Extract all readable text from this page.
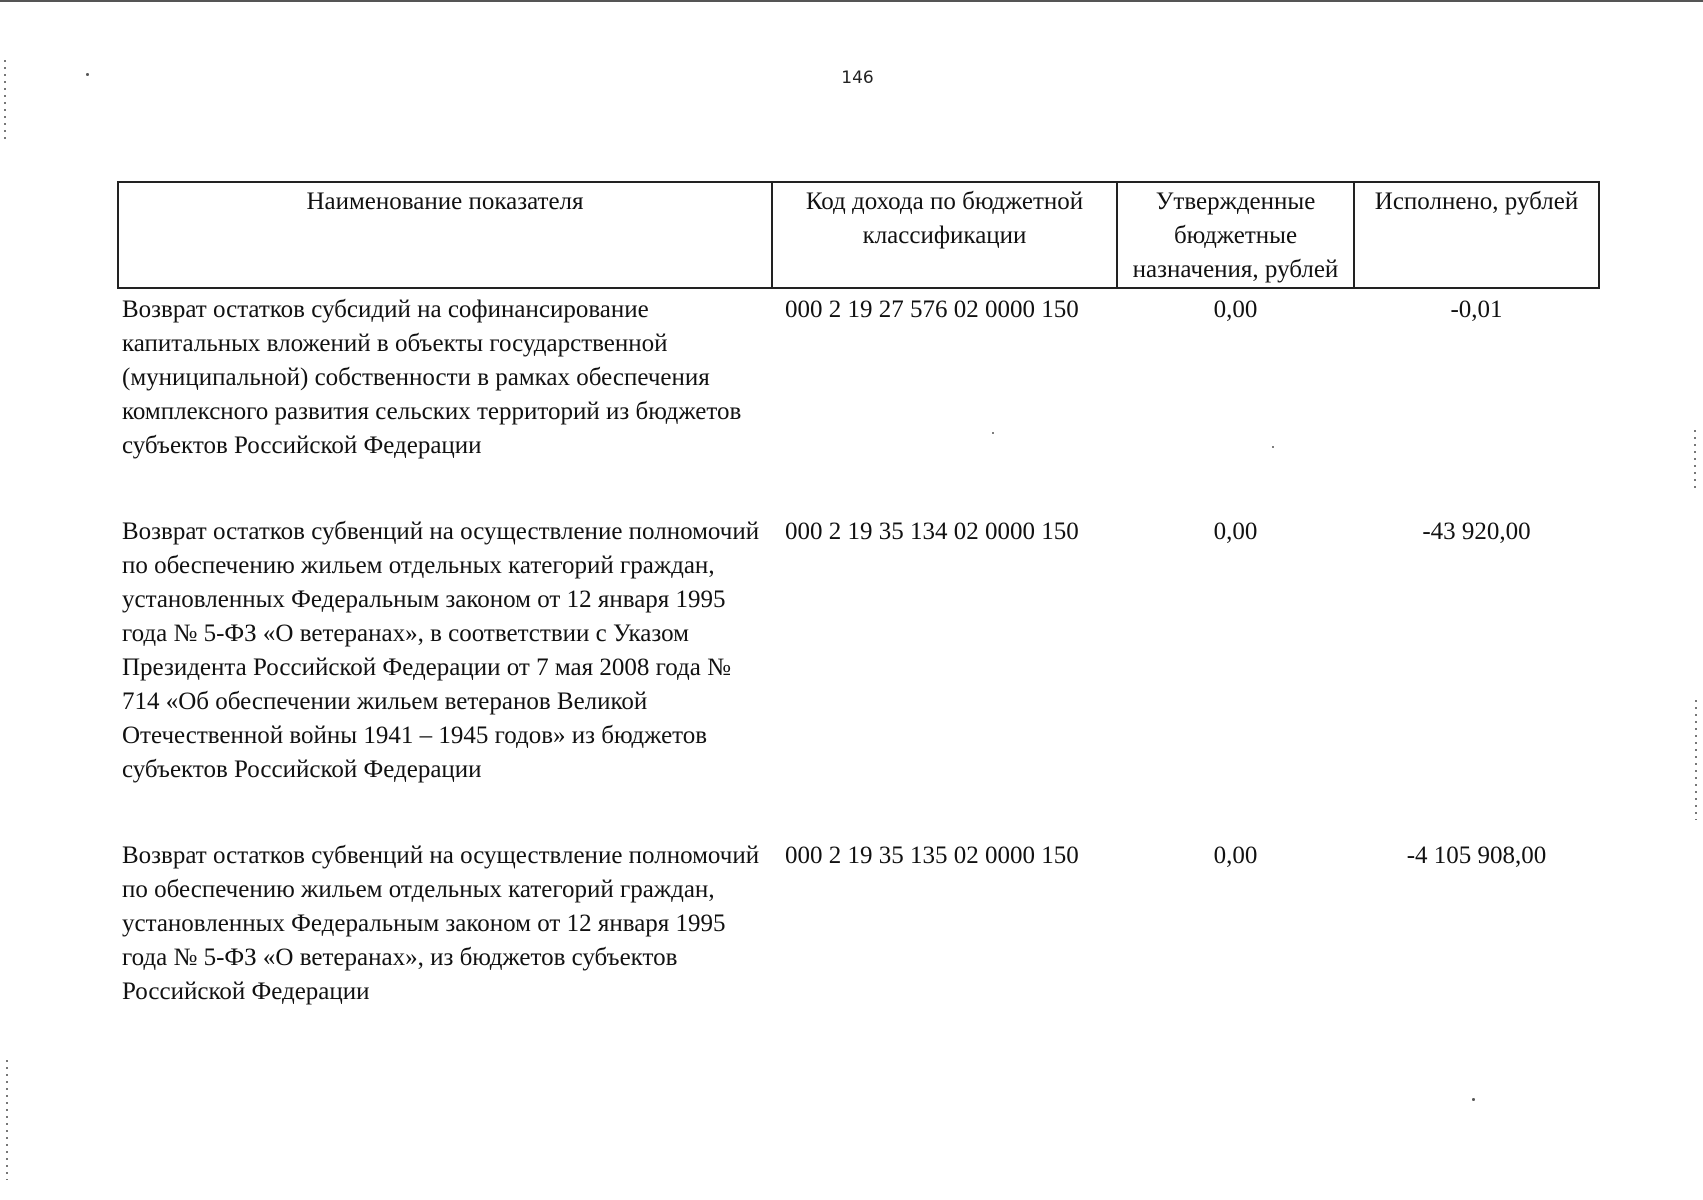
146
Наименование показателя	Код дохода по бюджетной классификации	Утвержденные бюджетные назначения, рублей	Исполнено, рублей
Возврат остатков субсидий на софинансирование капитальных вложений в объекты государственной (муниципальной) собственности в рамках обеспечения комплексного развития сельских территорий из бюджетов субъектов Российской Федерации	000 2 19 27 576 02 0000 150	0,00	-0,01
Возврат остатков субвенций на осуществление полномочий по обеспечению жильем отдельных категорий граждан, установленных Федеральным законом от 12 января 1995 года № 5-ФЗ «О ветеранах», в соответствии с Указом Президента Российской Федерации от 7 мая 2008 года № 714 «Об обеспечении жильем ветеранов Великой Отечественной войны 1941 – 1945 годов» из бюджетов субъектов Российской Федерации	000 2 19 35 134 02 0000 150	0,00	-43 920,00
Возврат остатков субвенций на осуществление полномочий по обеспечению жильем отдельных категорий граждан, установленных Федеральным законом от 12 января 1995 года № 5-ФЗ «О ветеранах», из бюджетов субъектов Российской Федерации	000 2 19 35 135 02 0000 150	0,00	-4 105 908,00
